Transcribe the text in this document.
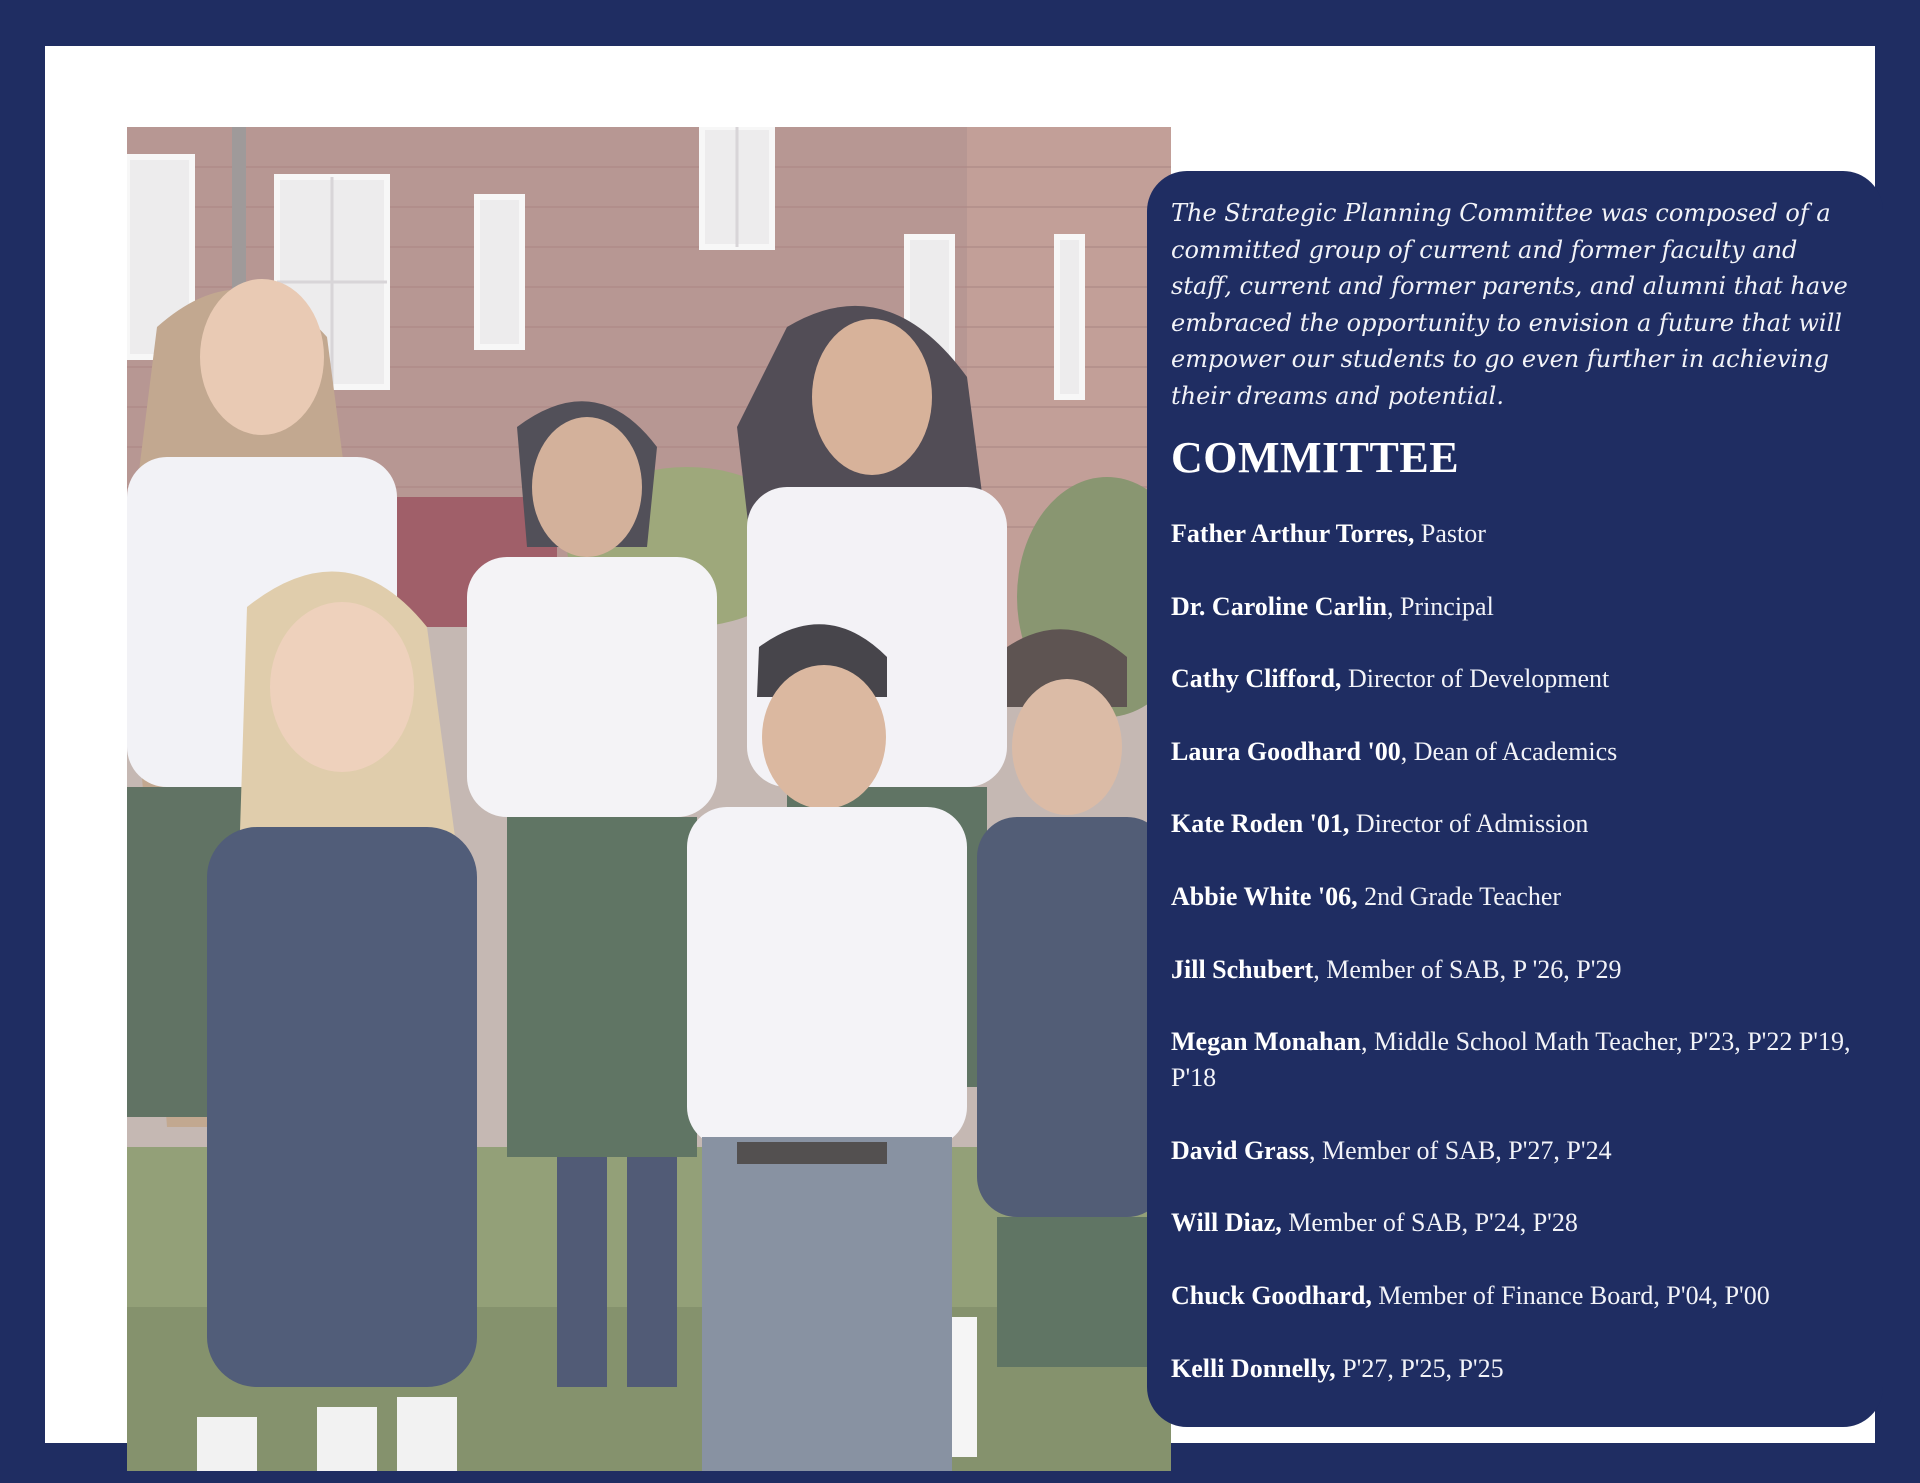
The Strategic Planning Committee was composed of a committed group of current and former faculty and staff, current and former parents, and alumni that have embraced the opportunity to envision a future that will empower our students to go even further in achieving their dreams and potential.

COMMITTEE
Father Arthur Torres, Pastor
Dr. Caroline Carlin, Principal
Cathy Clifford, Director of Development
Laura Goodhard '00, Dean of Academics
Kate Roden '01, Director of Admission
Abbie White '06, 2nd Grade Teacher
Jill Schubert, Member of SAB, P '26, P'29
Megan Monahan, Middle School Math Teacher, P'23, P'22 P'19, P'18
David Grass, Member of SAB, P'27, P'24
Will Diaz, Member of SAB, P'24, P'28
Chuck Goodhard, Member of Finance Board, P'04, P'00
Kelli Donnelly, P'27, P'25, P'25
